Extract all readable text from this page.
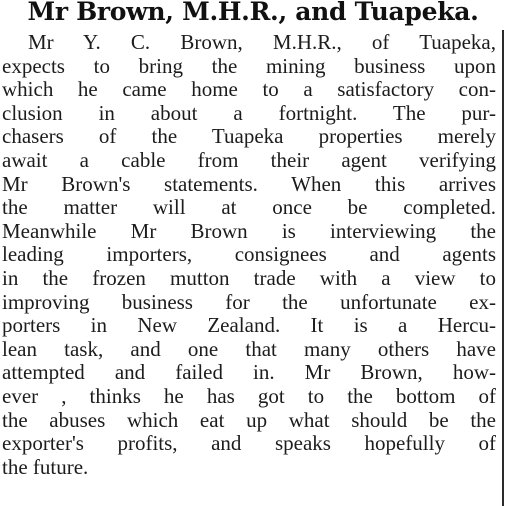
Mr Brown, M.H.R., and Tuapeka.
Mr Y. C. Brown, M.H.R., of Tuapeka,
expects to bring the mining business upon
which he came home to a satisfactory con-
clusion in about a fortnight. The pur-
chasers of the Tuapeka properties merely
await a cable from their agent verifying
Mr Brown's statements. When this arrives
the matter will at once be completed.
Meanwhile Mr Brown is interviewing the
leading importers, consignees and agents
in the frozen mutton trade with a view to
improving business for the unfortunate ex-
porters in New Zealand. It is a Hercu-
lean task, and one that many others have
attempted and failed in. Mr Brown, how-
ever , thinks he has got to the bottom of
the abuses which eat up what should be the
exporter's profits, and speaks hopefully of
the future.
